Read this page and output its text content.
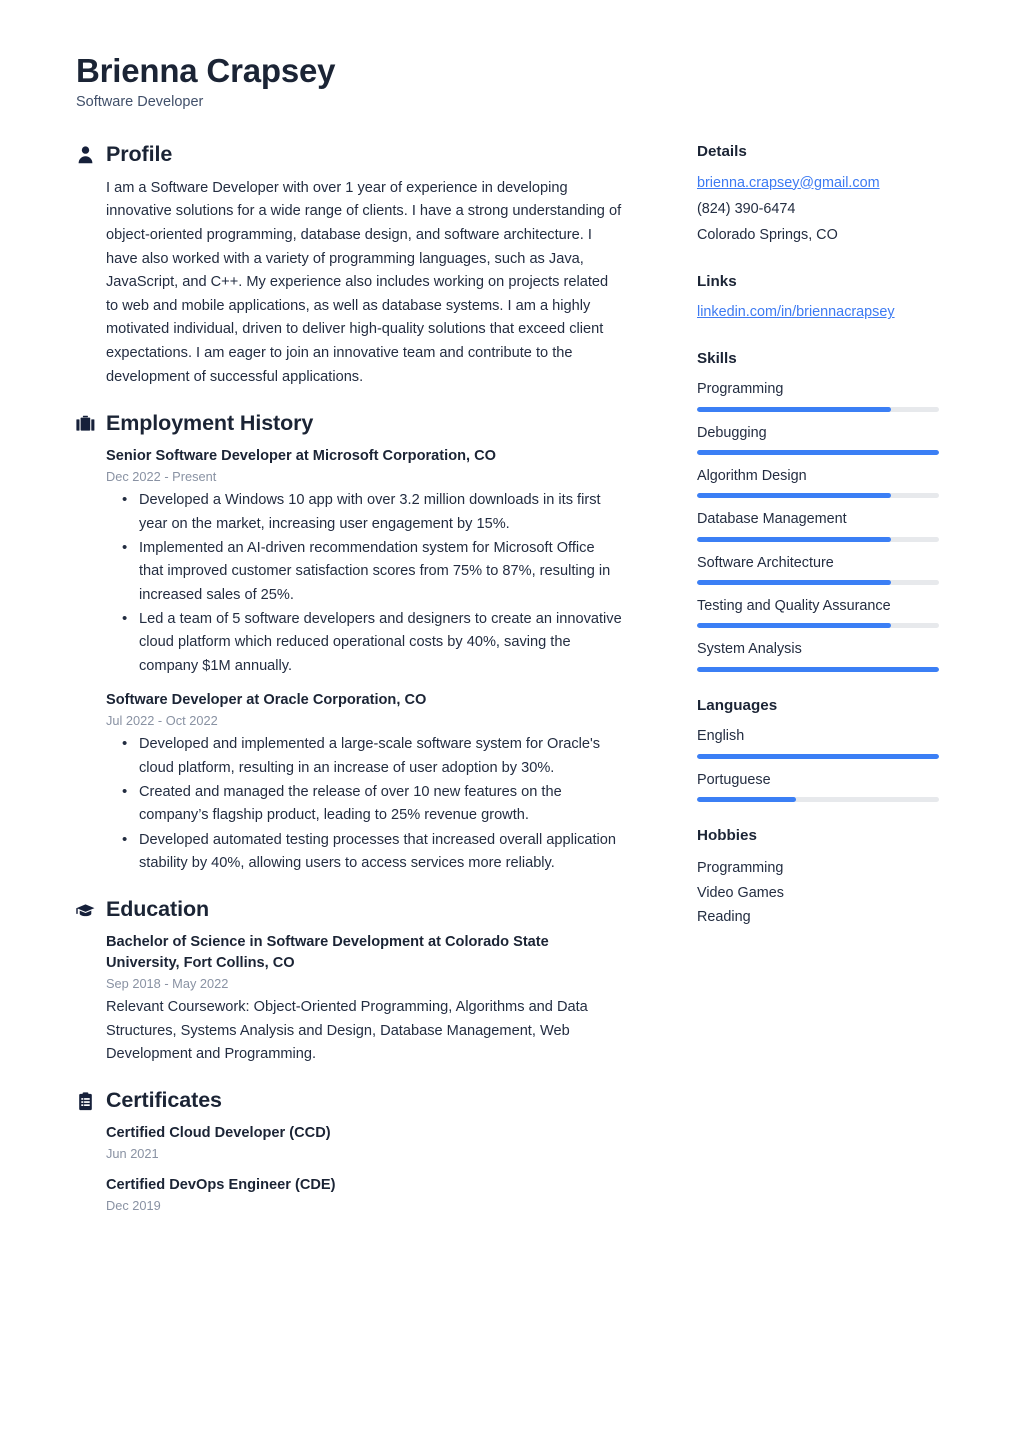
Brienna Crapsey
Software Developer
Profile

I am a Software Developer with over 1 year of experience in developing innovative solutions for a wide range of clients. I have a strong understanding of object-oriented programming, database design, and software architecture. I have also worked with a variety of programming languages, such as Java, JavaScript, and C++. My experience also includes working on projects related to web and mobile applications, as well as database systems. I am a highly motivated individual, driven to deliver high-quality solutions that exceed client expectations. I am eager to join an innovative team and contribute to the development of successful applications.

Employment History
Senior Software Developer at Microsoft Corporation, CO
Dec 2022 - Present
• Developed a Windows 10 app with over 3.2 million downloads in its first year on the market, increasing user engagement by 15%.
• Implemented an AI-driven recommendation system for Microsoft Office that improved customer satisfaction scores from 75% to 87%, resulting in increased sales of 25%.
• Led a team of 5 software developers and designers to create an innovative cloud platform which reduced operational costs by 40%, saving the company $1M annually.
Software Developer at Oracle Corporation, CO
Jul 2022 - Oct 2022
• Developed and implemented a large-scale software system for Oracle's cloud platform, resulting in an increase of user adoption by 30%.
• Created and managed the release of over 10 new features on the company’s flagship product, leading to 25% revenue growth.
• Developed automated testing processes that increased overall application stability by 40%, allowing users to access services more reliably.
Education
Bachelor of Science in Software Development at Colorado State University, Fort Collins, CO
Sep 2018 - May 2022

Relevant Coursework: Object-Oriented Programming, Algorithms and Data Structures, Systems Analysis and Design, Database Management, Web Development and Programming.

Certificates
Certified Cloud Developer (CCD)
Jun 2021
Certified DevOps Engineer (CDE)
Dec 2019
Details
brienna.crapsey@gmail.com
(824) 390-6474
Colorado Springs, CO
Links
linkedin.com/in/briennacrapsey
Skills
Programming
Debugging
Algorithm Design
Database Management
Software Architecture
Testing and Quality Assurance
System Analysis
Languages
English
Portuguese
Hobbies
Programming
Video Games
Reading
